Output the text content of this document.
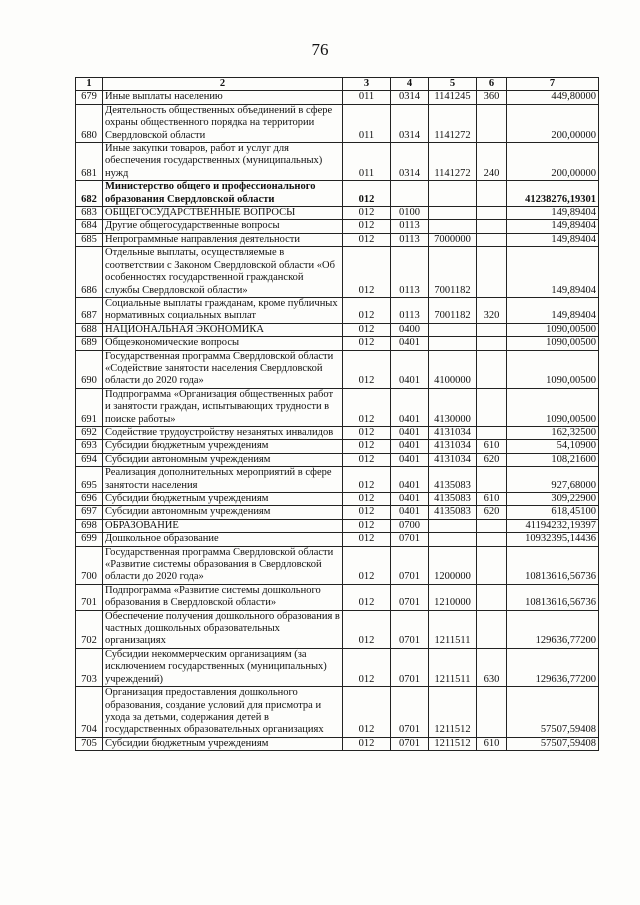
76
1	2	3	4	5	6	7
679	Иные выплаты населению	011	0314	1141245	360	449,80000
680	Деятельность общественных объединений в сфере охраны общественного порядка на территории Свердловской области	011	0314	1141272		200,00000
681	Иные закупки товаров, работ и услуг для обеспечения государственных (муниципальных) нужд	011	0314	1141272	240	200,00000
682	Министерство общего и профессионального образования Свердловской области	012				41238276,19301
683	ОБЩЕГОСУДАРСТВЕННЫЕ ВОПРОСЫ	012	0100			149,89404
684	Другие общегосударственные вопросы	012	0113			149,89404
685	Непрограммные направления деятельности	012	0113	7000000		149,89404
686	Отдельные выплаты, осуществляемые в соответствии с Законом Свердловской области «Об особенностях государственной гражданской службы Свердловской области»	012	0113	7001182		149,89404
687	Социальные выплаты гражданам, кроме публичных нормативных социальных выплат	012	0113	7001182	320	149,89404
688	НАЦИОНАЛЬНАЯ ЭКОНОМИКА	012	0400			1090,00500
689	Общеэкономические вопросы	012	0401			1090,00500
690	Государственная программа Свердловской области «Содействие занятости населения Свердловской области до 2020 года»	012	0401	4100000		1090,00500
691	Подпрограмма «Организация общественных работ и занятости граждан, испытывающих трудности в поиске работы»	012	0401	4130000		1090,00500
692	Содействие трудоустройству незанятых инвалидов	012	0401	4131034		162,32500
693	Субсидии бюджетным учреждениям	012	0401	4131034	610	54,10900
694	Субсидии автономным учреждениям	012	0401	4131034	620	108,21600
695	Реализация дополнительных мероприятий в сфере занятости населения	012	0401	4135083		927,68000
696	Субсидии бюджетным учреждениям	012	0401	4135083	610	309,22900
697	Субсидии автономным учреждениям	012	0401	4135083	620	618,45100
698	ОБРАЗОВАНИЕ	012	0700			41194232,19397
699	Дошкольное образование	012	0701			10932395,14436
700	Государственная программа Свердловской области «Развитие системы образования в Свердловской области до 2020 года»	012	0701	1200000		10813616,56736
701	Подпрограмма «Развитие системы дошкольного образования в Свердловской области»	012	0701	1210000		10813616,56736
702	Обеспечение получения дошкольного образования в частных дошкольных образовательных организациях	012	0701	1211511		129636,77200
703	Субсидии некоммерческим организациям (за исключением государственных (муниципальных) учреждений)	012	0701	1211511	630	129636,77200
704	Организация предоставления дошкольного образования, создание условий для присмотра и ухода за детьми, содержания детей в государственных образовательных организациях	012	0701	1211512		57507,59408
705	Субсидии бюджетным учреждениям	012	0701	1211512	610	57507,59408
